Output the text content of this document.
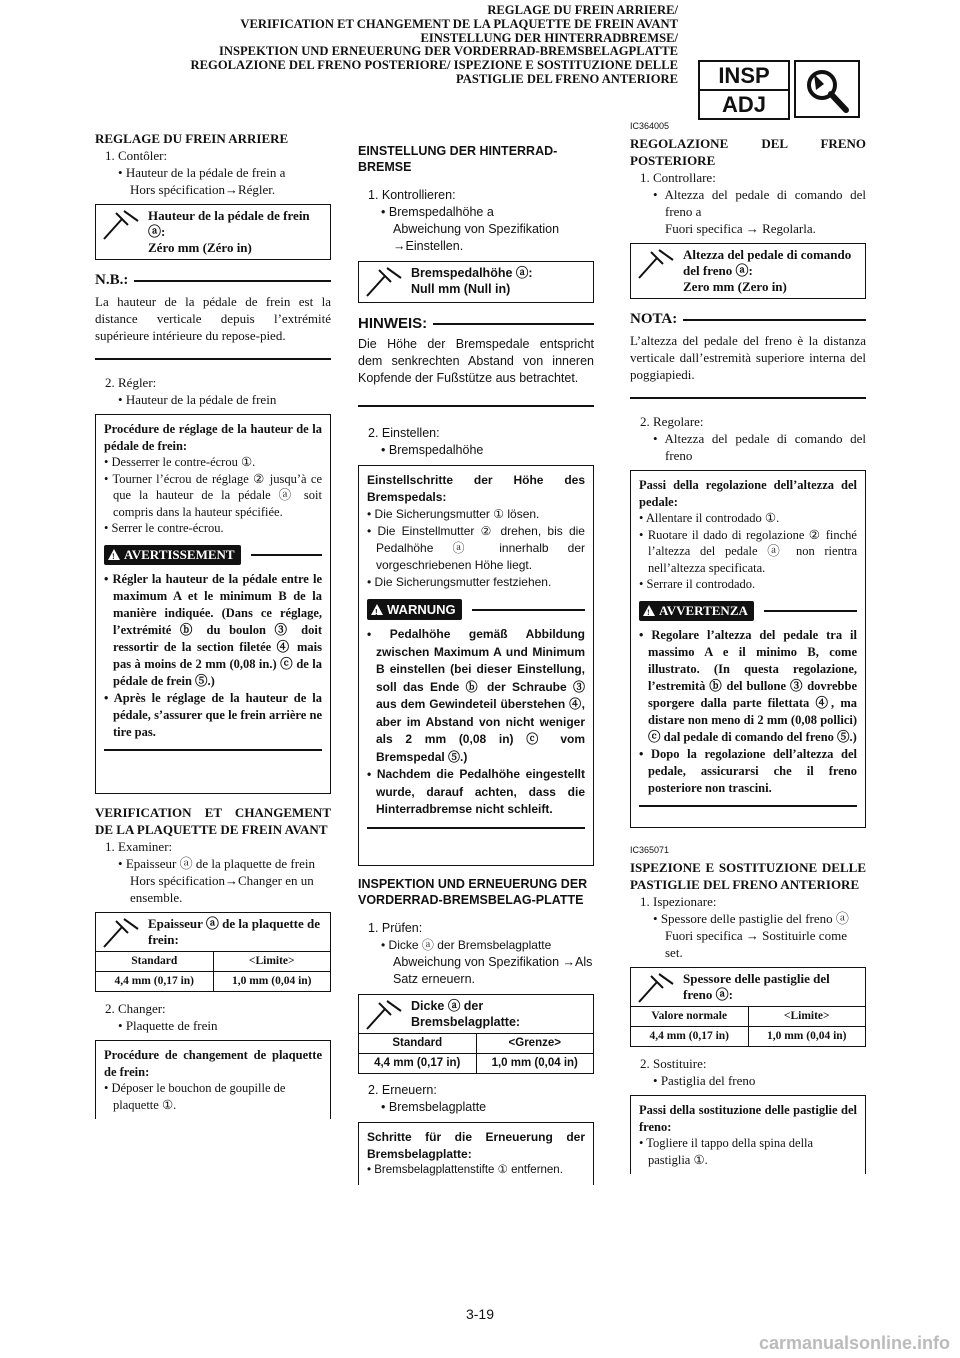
REGLAGE DU FREIN ARRIERE/
VERIFICATION ET CHANGEMENT DE LA PLAQUETTE DE FREIN AVANT
EINSTELLUNG DER HINTERRADBREMSE/
INSPEKTION UND ERNEUERUNG DER VORDERRAD-BREMSBELAGPLATTE
REGOLAZIONE DEL FRENO POSTERIORE/ ISPEZIONE E SOSTITUZIONE DELLE
PASTIGLIE DEL FRENO ANTERIORE	INSP
ADJ

REGLAGE DU FREIN ARRIERE

1. Contôler:
• Hauteur de la pédale de frein a
Hors spécification→Régler.
Hauteur de la pédale de frein ⓐ:
Zéro mm (Zéro in)
N.B.:
La hauteur de la pédale de frein est la distance verticale depuis l’extrémité supérieure intérieure du repose-pied.
2. Régler:
• Hauteur de la pédale de frein
Procédure de réglage de la hauteur de la pédale de frein:
• Desserrer le contre-écrou ①.
• Tourner l’écrou de réglage ② jusqu’à ce que la hauteur de la pédale ⓐ soit compris dans la hauteur spécifiée.
• Serrer le contre-écrou.
!
AVERTISSEMENT
• Régler la hauteur de la pédale entre le maximum A et le minimum B de la manière indiquée. (Dans ce réglage, l’extrémité ⓑ du boulon ③ doit ressortir de la section filetée ④ mais pas à moins de 2 mm (0,08 in.) ⓒ de la pédale de frein ⑤.)
• Après le réglage de la hauteur de la pédale, s’assurer que le frein arrière ne tire pas.

VERIFICATION ET CHANGEMENT DE LA PLAQUETTE DE FREIN AVANT

1. Examiner:
• Epaisseur ⓐ de la plaquette de frein
Hors spécification→Changer en un ensemble.
Epaisseur ⓐ de la plaquette de frein:
Standard	<Limite>
4,4 mm (0,17 in)	1,0 mm (0,04 in)
2. Changer:
• Plaquette de frein
Procédure de changement de plaquette de frein:
• Déposer le bouchon de goupille de plaquette ①.

EINSTELLUNG DER HINTERRAD-BREMSE

1. Kontrollieren:
• Bremspedalhöhe a
Abweichung von Spezifikation →Einstellen.
Bremspedalhöhe ⓐ:
Null mm (Null in)
HINWEIS:
Die Höhe der Bremspedale entspricht dem senkrechten Abstand von inneren Kopfende der Fußstütze aus betrachtet.
2. Einstellen:
• Bremspedalhöhe
Einstellschritte der Höhe des Bremspedals:
• Die Sicherungsmutter ① lösen.
• Die Einstellmutter ② drehen, bis die Pedalhöhe ⓐ innerhalb der vorgeschriebenen Höhe liegt.
• Die Sicherungsmutter festziehen.
!
WARNUNG
• Pedalhöhe gemäß Abbildung zwischen Maximum A und Minimum B einstellen (bei dieser Einstellung, soll das Ende ⓑ der Schraube ③ aus dem Gewindeteil überstehen ④, aber im Abstand von nicht weniger als 2 mm (0,08 in) ⓒ vom Bremspedal ⑤.)
• Nachdem die Pedalhöhe eingestellt wurde, darauf achten, dass die Hinterradbremse nicht schleift.

INSPEKTION UND ERNEUERUNG DER VORDERRAD-BREMSBELAG-PLATTE

1. Prüfen:
• Dicke ⓐ der Bremsbelagplatte
Abweichung von Spezifikation →Als Satz erneuern.
Dicke ⓐ der Bremsbelagplatte:
Standard	<Grenze>
4,4 mm (0,17 in)	1,0 mm (0,04 in)
2. Erneuern:
• Bremsbelagplatte
Schritte für die Erneuerung der Bremsbelagplatte:
• Bremsbelagplattenstifte ① entfernen.
IC364005

REGOLAZIONE DEL FRENO POSTERIORE

1. Controllare:
• Altezza del pedale di comando del freno a
Fuori specifica → Regolarla.
Altezza del pedale di comando del freno ⓐ:
Zero mm (Zero in)
NOTA:
L’altezza del pedale del freno è la distanza verticale dall’estremità superiore interna del poggiapiedi.
2. Regolare:
• Altezza del pedale di comando del freno
Passi della regolazione dell’altezza del pedale:
• Allentare il controdado ①.
• Ruotare il dado di regolazione ② finché l’altezza del pedale ⓐ non rientra nell’altezza specificata.
• Serrare il controdado.
!
AVVERTENZA
• Regolare l’altezza del pedale tra il massimo A e il minimo B, come illustrato. (In questa regolazione, l’estremità ⓑ del bullone ③ dovrebbe sporgere dalla parte filettata ④, ma distare non meno di 2 mm (0,08 pollici) ⓒ dal pedale di comando del freno ⑤.)
• Dopo la regolazione dell’altezza del pedale, assicurarsi che il freno posteriore non trascini.
IC365071

ISPEZIONE E SOSTITUZIONE DELLE PASTIGLIE DEL FRENO ANTERIORE

1. Ispezionare:
• Spessore delle pastiglie del freno ⓐ
Fuori specifica → Sostituirle come set.
Spessore delle pastiglie del freno ⓐ:
Valore normale	<Limite>
4,4 mm (0,17 in)	1,0 mm (0,04 in)
2. Sostituire:
• Pastiglia del freno
Passi della sostituzione delle pastiglie del freno:
• Togliere il tappo della spina della pastiglia ①.
3-19
carmanualsonline.info
